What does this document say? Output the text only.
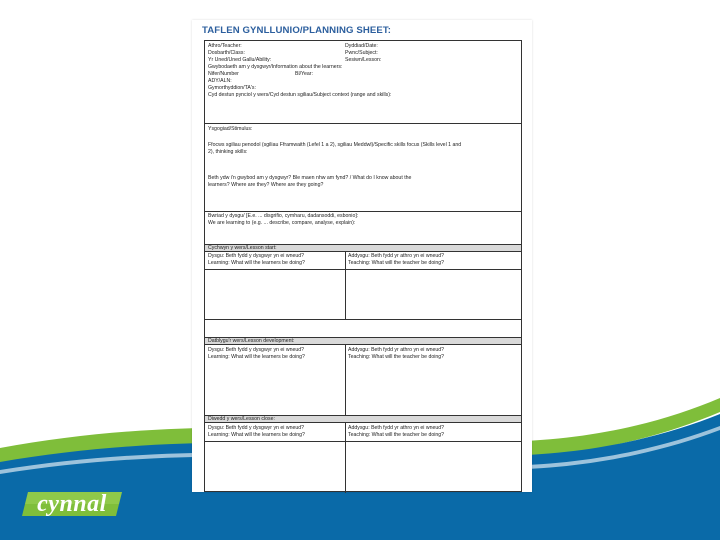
TAFLEN GYNLLUNIO/PLANNING SHEET:
Athro/Teacher:
Dosbarth/Class:
Yr Uned/Uned Gallu/Ability:
Gwybodaeth am y dysgwyr/Information about the learners:
Nifer/Number
ADY/ALN:
Gymorthyddion/TA's:
Cyd destun pynciol y wers/Cyd destun sgiliau/Subject context (range and skills):
Dyddiad/Date:
Pwnc/Subject:
Sesiwn/Lesson:
Bl/Year:
Ysgogiad/Stimulus:
Ffocws sgiliau penodol (sgiliau Fframwaith (Lefel 1 a 2), sgiliau Meddwl)/Specific skills focus (Skills level 1 and
2), thinking skills:
Beth ydw i'n gwybod am y dysgwyr? Ble maen nhw am fynd? / What do I know about the
learners? Where are they? Where are they going?
Bwriad y dysgu/ [E.e. ... disgrifio, cymharu, dadansoddi, esbonio]:
We are learning to (e.g. ... describe, compare, analyse, explain):
Cychwyn y wers/Lesson start:
Dysgu: Beth fydd y dysgwyr yn ei wneud?
Learning: What will the learners be doing?
Addysgu: Beth fydd yr athro yn ei wneud?
Teaching: What will the teacher be doing?
Datblygu'r wers/Lesson development:
Dysgu: Beth fydd y dysgwyr yn ei wneud?
Learning: What will the learners be doing?
Addysgu: Beth fydd yr athro yn ei wneud?
Teaching: What will the teacher be doing?
Diwedd y wers/Lesson close:
Dysgu: Beth fydd y dysgwyr yn ei wneud?
Learning: What will the learners be doing?
Addysgu: Beth fydd yr athro yn ei wneud?
Teaching: What will the teacher be doing?
cynnal
